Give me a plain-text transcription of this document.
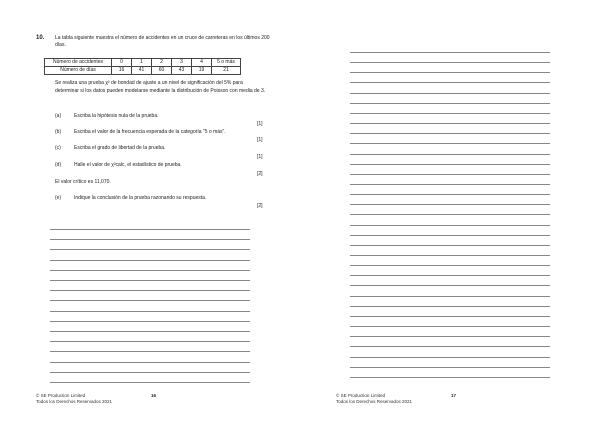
10. La tabla siguiente muestra el número de accidentes en un cruce de carreteras en los últimos 200 días.
Número de accidentes	0	1	2	3	4	5 o más
Número de días	16	41	60	43	19	21
Se realiza una prueba χ² de bondad de ajuste a un nivel de significación del 5% para determinar si los datos pueden modelarse mediante la distribución de Poisson con media de 3.
(a)	Escriba la hipótesis nula de la prueba.
[1]
(b)	Escriba el valor de la frecuencia esperada de la categoría "5 o más".
[1]
(c)	Escriba el grado de libertad de la prueba.
[1]
(d)	Halle el valor de χ²calc, el estadístico de prueba.
[2]
El valor crítico es 11,070.
(e)	Indique la conclusión de la prueba razonando su respuesta.
[2]
© SE Production Limited
Todos los Derechos Reservados 2021
16	© SE Production Limited
Todos los Derechos Reservados 2021
17
